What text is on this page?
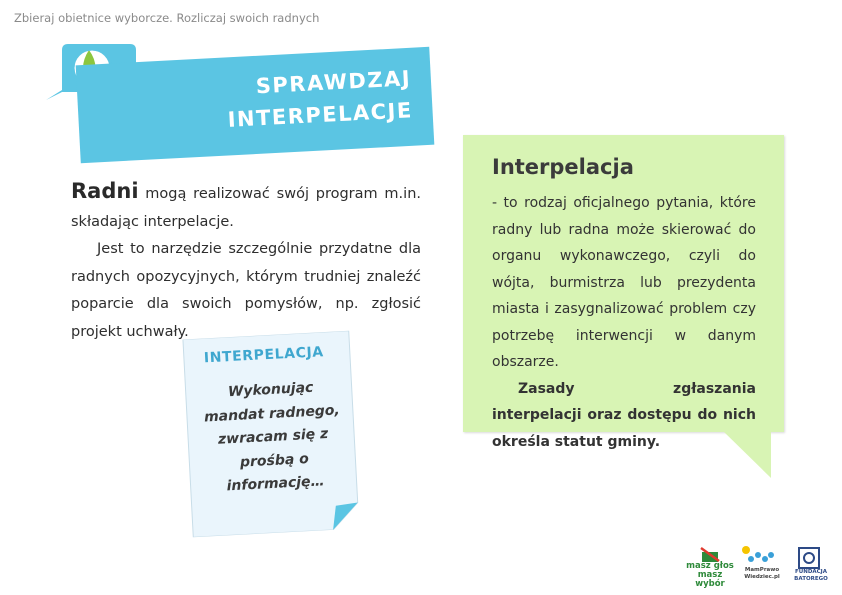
Zbieraj obietnice wyborcze. Rozliczaj swoich radnych
SPRAWDZAJ
INTERPELACJE

Radni mogą realizować swój program m.in. składając interpelacje.

Jest to narzędzie szczególnie przydatne dla radnych opozycyjnych, którym trudniej znaleźć poparcie dla swoich pomysłów, np. zgłosić projekt uchwały.

INTERPELACJA
Wykonując
mandat radnego,
zwracam się z
prośbą o
informację…
Interpelacja

- to rodzaj oficjalnego pytania, które radny lub radna może skierować do organu wykonawczego, czyli do wójta, burmistrza lub prezydenta miasta i zasygnalizować problem czy potrzebę interwencji w danym obszarze.

Zasady zgłaszania interpelacji oraz dostępu do nich określa statut gminy.

masz głos
masz wybór
MamPrawo
Wiedziec.pl
FUNDACJA
BATOREGO
